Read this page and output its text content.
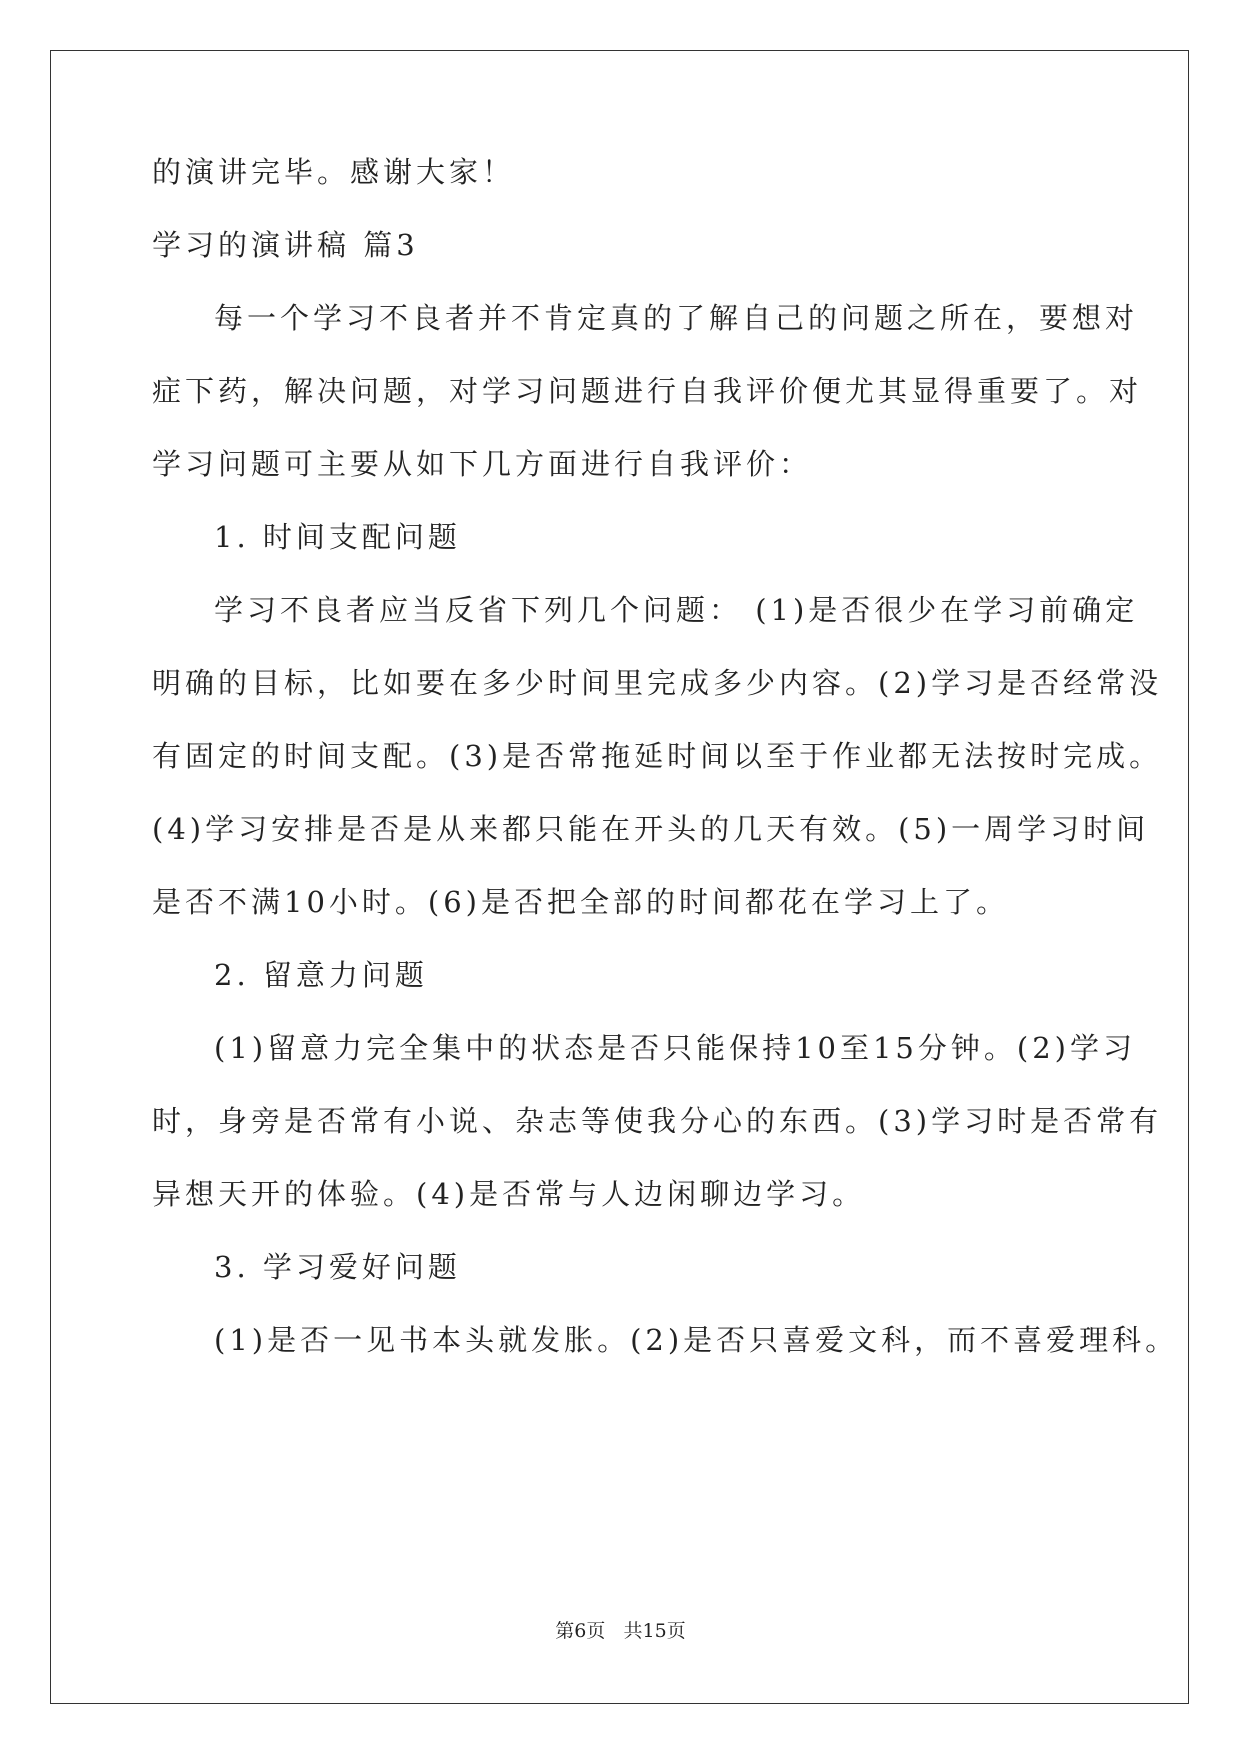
的演讲完毕。感谢大家！
学习的演讲稿 篇3
每一个学习不良者并不肯定真的了解自己的问题之所在，要想对
症下药，解决问题，对学习问题进行自我评价便尤其显得重要了。对
学习问题可主要从如下几方面进行自我评价：
1. 时间支配问题
学习不良者应当反省下列几个问题： (1)是否很少在学习前确定
明确的目标，比如要在多少时间里完成多少内容。(2)学习是否经常没
有固定的时间支配。(3)是否常拖延时间以至于作业都无法按时完成。
(4)学习安排是否是从来都只能在开头的几天有效。(5)一周学习时间
是否不满10小时。(6)是否把全部的时间都花在学习上了。
2. 留意力问题
(1)留意力完全集中的状态是否只能保持10至15分钟。(2)学习
时，身旁是否常有小说、杂志等使我分心的东西。(3)学习时是否常有
异想天开的体验。(4)是否常与人边闲聊边学习。
3. 学习爱好问题
(1)是否一见书本头就发胀。(2)是否只喜爱文科，而不喜爱理科。
第6页 共15页
